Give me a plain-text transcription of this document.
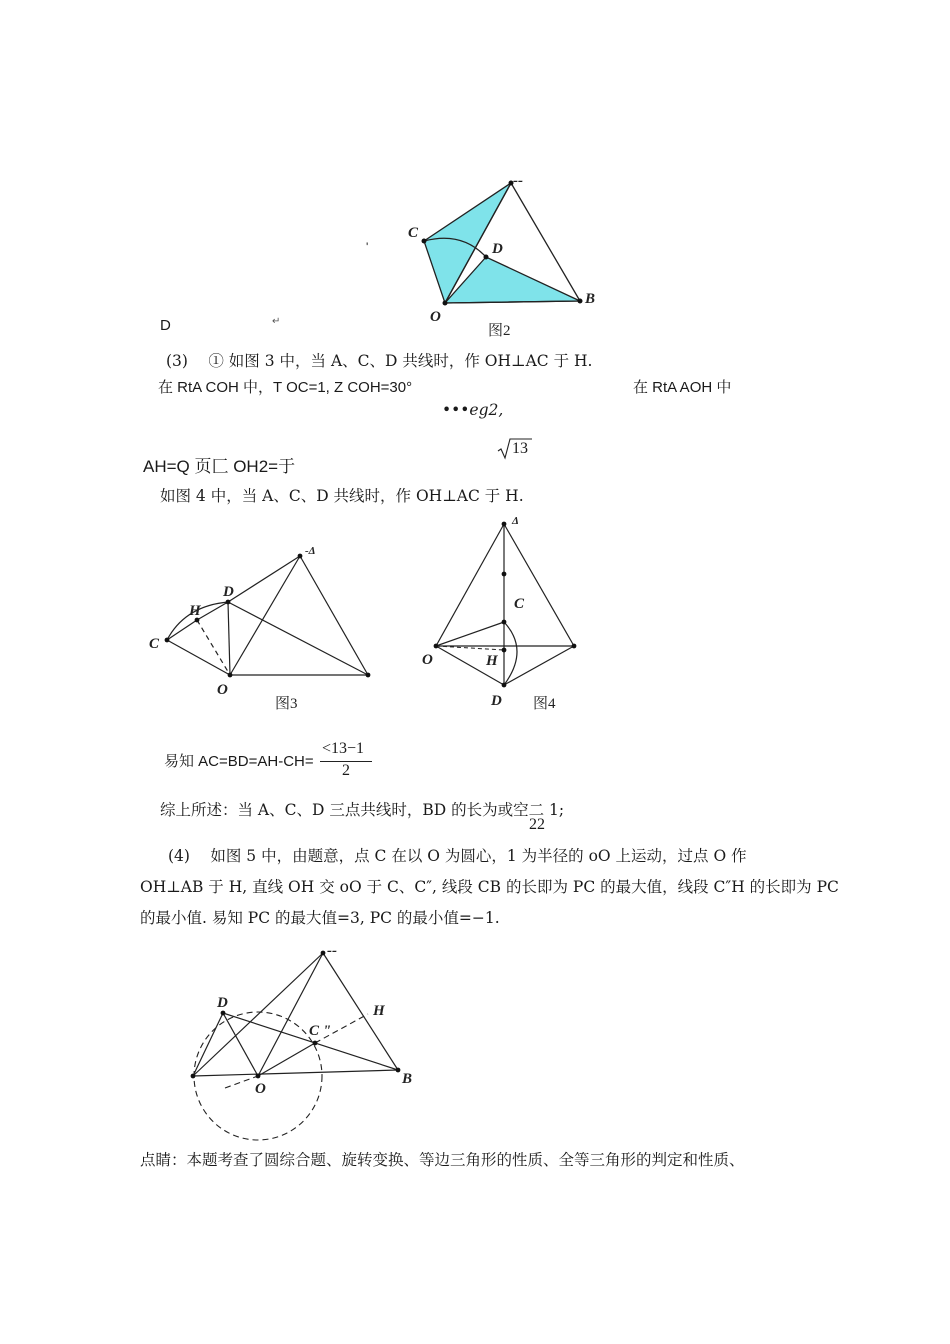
--
C
D
O
B
图2
'
D	↵
(3)　 ① 如图 3 中，当 A、C、D 共线时，作 OH⊥AC 于 H.
在 RtA COH 中，T OC=1, Z COH=30°	在 RtA AOH 中
•••eg2,
13
AH=Q 页匚 OH2=于
如图 4 中，当 A、C、D 共线时，作 OH⊥AC 于 H.
-Δ
D
H
C
O
图3
Δ
C
O	H
D 图4
易知 AC=BD=AH-CH=
<13−1
2
综上所述：当 A、C、D 三点共线时，BD 的长为或空二 1;
22
(4)　 如图 5 中，由题意，点 C 在以 O 为圆心，1 为半径的 oO 上运动，过点 O 作
OH⊥AB 于 H, 直线 OH 交 oO 于 C、C″, 线段 CB 的长即为 PC 的最大值，线段 C″H 的长即为 PC
的最小值. 易知 PC 的最大值=3, PC 的最小值=−1.
--
D	H
C "
B
O
点睛：本题考查了圆综合题、旋转变换、等边三角形的性质、全等三角形的判定和性质、
